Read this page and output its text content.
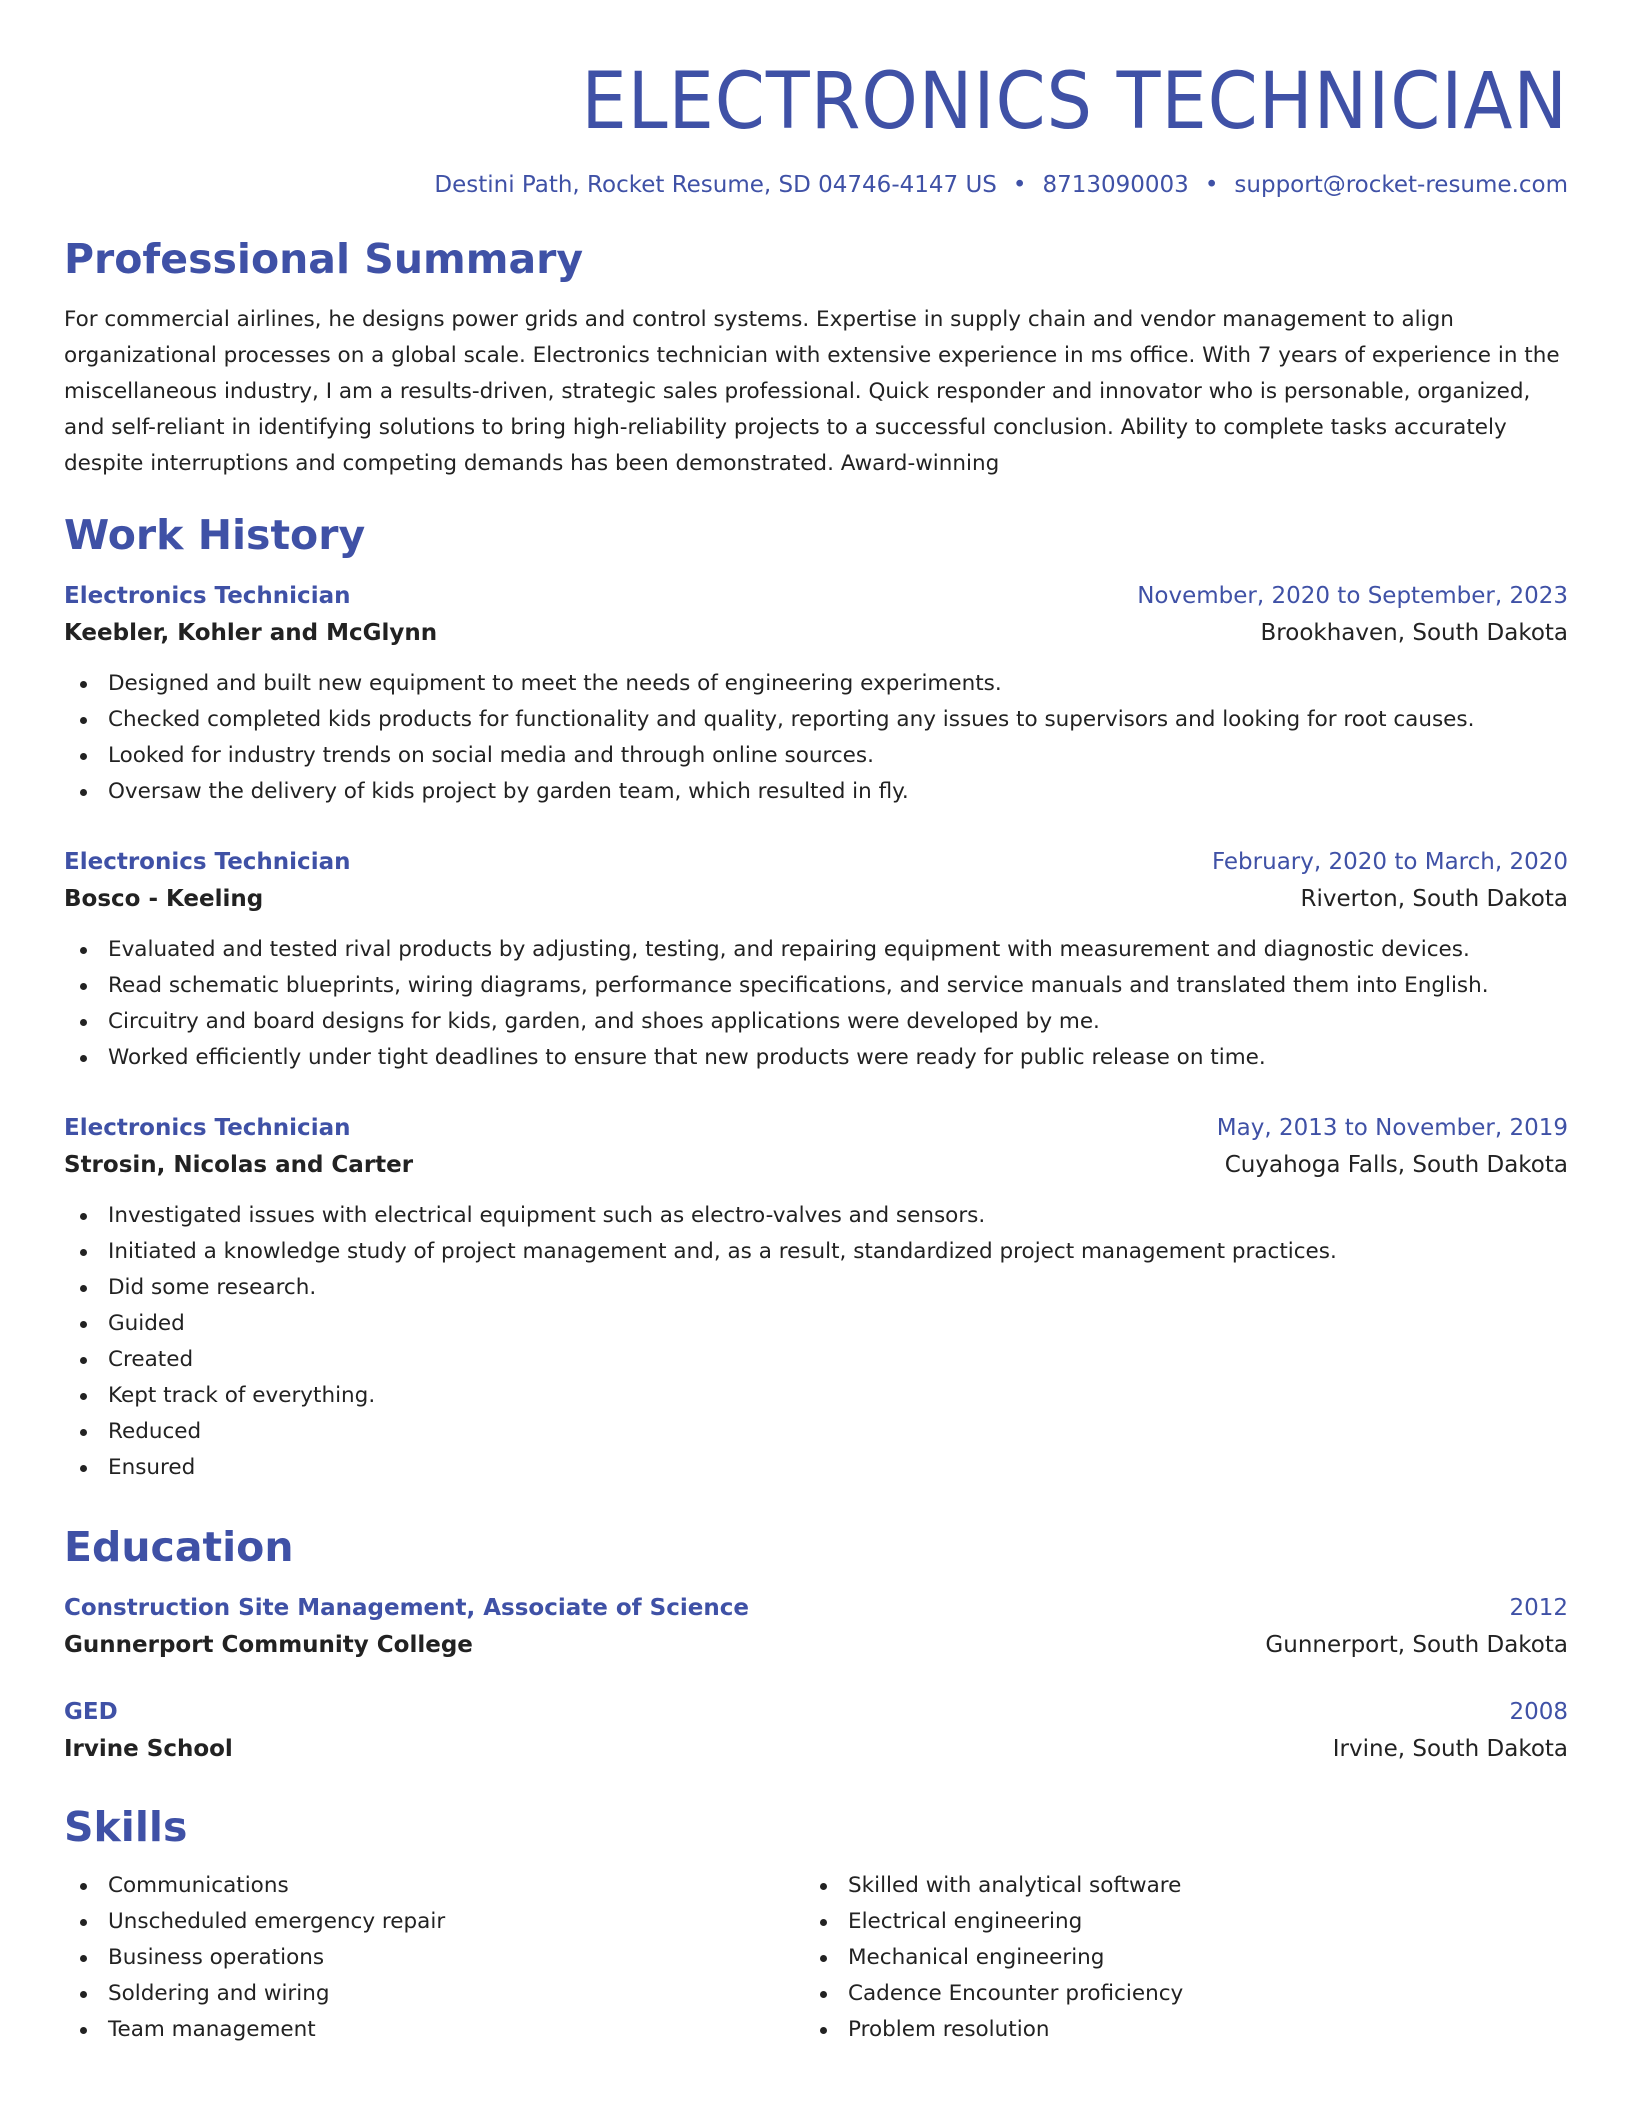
ELECTRONICS TECHNICIAN
Destini Path, Rocket Resume, SD 04746-4147 US • 8713090003 • support@rocket-resume.com
Professional Summary

For commercial airlines, he designs power grids and control systems. Expertise in supply chain and vendor management to align organizational processes on a global scale. Electronics technician with extensive experience in ms office. With 7 years of experience in the miscellaneous industry, I am a results-driven, strategic sales professional. Quick responder and innovator who is personable, organized, and self-reliant in identifying solutions to bring high-reliability projects to a successful conclusion. Ability to complete tasks accurately despite interruptions and competing demands has been demonstrated. Award-winning

Work History
Electronics Technician	November, 2020 to September, 2023
Keebler, Kohler and McGlynn	Brookhaven, South Dakota
Designed and built new equipment to meet the needs of engineering experiments.
Checked completed kids products for functionality and quality, reporting any issues to supervisors and looking for root causes.
Looked for industry trends on social media and through online sources.
Oversaw the delivery of kids project by garden team, which resulted in fly.
Electronics Technician	February, 2020 to March, 2020
Bosco - Keeling	Riverton, South Dakota
Evaluated and tested rival products by adjusting, testing, and repairing equipment with measurement and diagnostic devices.
Read schematic blueprints, wiring diagrams, performance specifications, and service manuals and translated them into English.
Circuitry and board designs for kids, garden, and shoes applications were developed by me.
Worked efficiently under tight deadlines to ensure that new products were ready for public release on time.
Electronics Technician	May, 2013 to November, 2019
Strosin, Nicolas and Carter	Cuyahoga Falls, South Dakota
Investigated issues with electrical equipment such as electro-valves and sensors.
Initiated a knowledge study of project management and, as a result, standardized project management practices.
Did some research.
Guided
Created
Kept track of everything.
Reduced
Ensured
Education
Construction Site Management, Associate of Science	2012
Gunnerport Community College	Gunnerport, South Dakota
GED	2008
Irvine School	Irvine, South Dakota
Skills
Communications
Unscheduled emergency repair
Business operations
Soldering and wiring
Team management
Skilled with analytical software
Electrical engineering
Mechanical engineering
Cadence Encounter proficiency
Problem resolution
